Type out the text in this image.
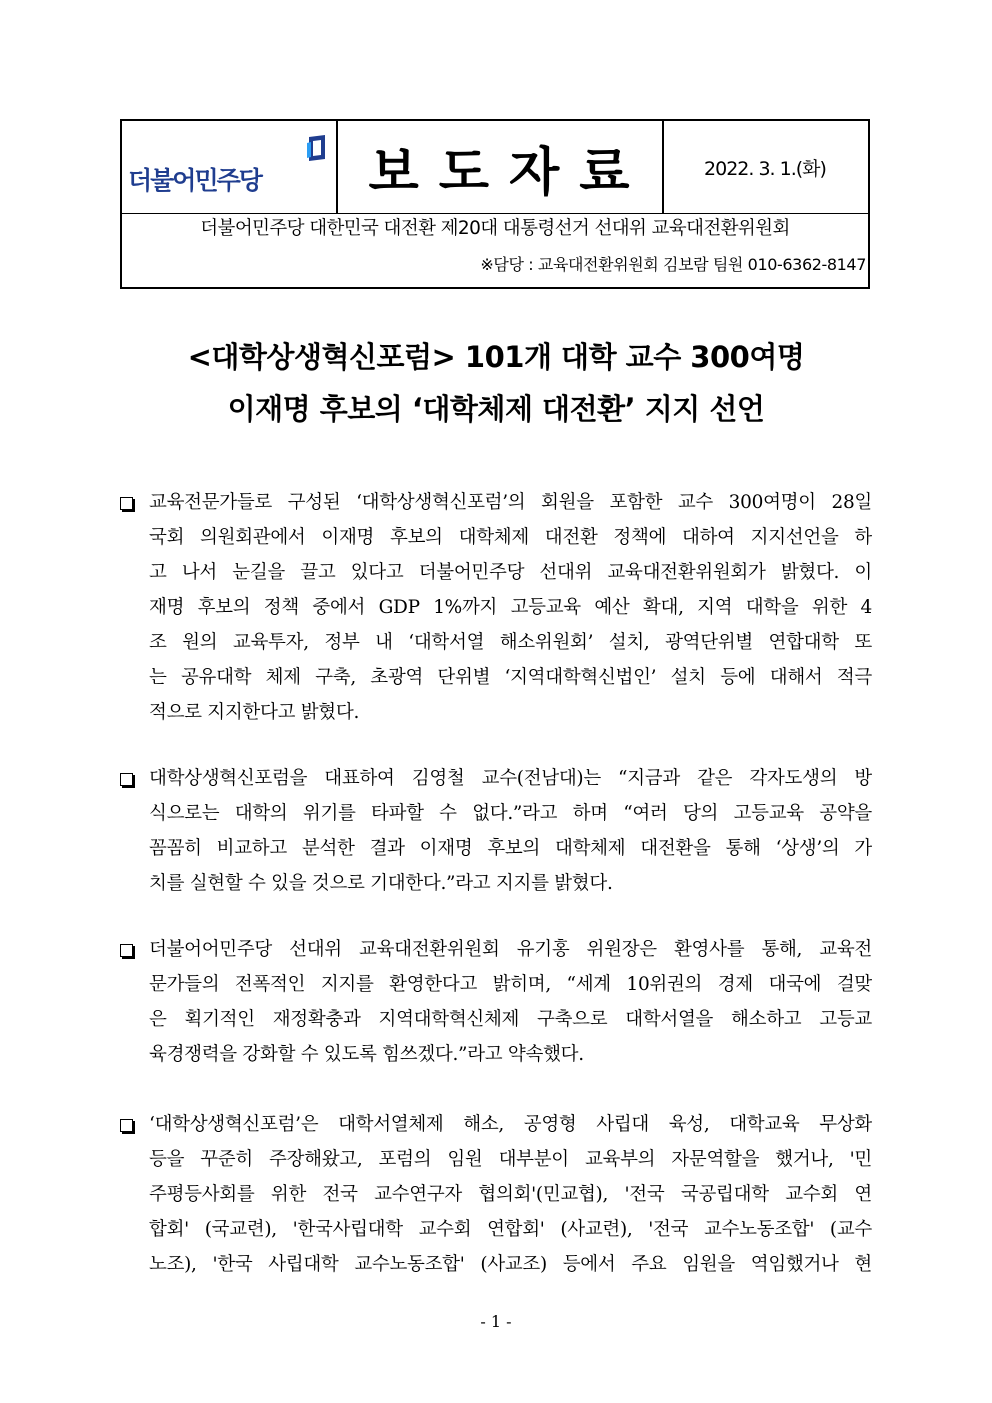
더불어민주당	보도자료	2022. 3. 1.(화)
더불어민주당 대한민국 대전환 제20대 대통령선거 선대위 교육대전환위원회
※담당 : 교육대전환위원회 김보람 팀원 010-6362-8147
<대학상생혁신포럼> 101개 대학 교수 300여명
이재명 후보의 ‘대학체제 대전환’ 지지 선언
교육전문가들로 구성된 ‘대학상생혁신포럼’의 회원을 포함한 교수 300여명이 28일
국회 의원회관에서 이재명 후보의 대학체제 대전환 정책에 대하여 지지선언을 하
고 나서 눈길을 끌고 있다고 더불어민주당 선대위 교육대전환위원회가 밝혔다. 이
재명 후보의 정책 중에서 GDP 1%까지 고등교육 예산 확대, 지역 대학을 위한 4
조 원의 교육투자, 정부 내 ‘대학서열 해소위원회’ 설치, 광역단위별 연합대학 또
는 공유대학 체제 구축, 초광역 단위별 ‘지역대학혁신법인’ 설치 등에 대해서 적극
적으로 지지한다고 밝혔다.
대학상생혁신포럼을 대표하여 김영철 교수(전남대)는 “지금과 같은 각자도생의 방
식으로는 대학의 위기를 타파할 수 없다.”라고 하며 “여러 당의 고등교육 공약을
꼼꼼히 비교하고 분석한 결과 이재명 후보의 대학체제 대전환을 통해 ‘상생’의 가
치를 실현할 수 있을 것으로 기대한다.”라고 지지를 밝혔다.
더불어어민주당 선대위 교육대전환위원회 유기홍 위원장은 환영사를 통해, 교육전
문가들의 전폭적인 지지를 환영한다고 밝히며, “세계 10위권의 경제 대국에 걸맞
은 획기적인 재정확충과 지역대학혁신체제 구축으로 대학서열을 해소하고 고등교
육경쟁력을 강화할 수 있도록 힘쓰겠다.”라고 약속했다.
‘대학상생혁신포럼’은 대학서열체제 해소, 공영형 사립대 육성, 대학교육 무상화
등을 꾸준히 주장해왔고, 포럼의 임원 대부분이 교육부의 자문역할을 했거나, '민
주평등사회를 위한 전국 교수연구자 협의회'(민교협), '전국 국공립대학 교수회 연
합회' (국교련), '한국사립대학 교수회 연합회' (사교련), '전국 교수노동조합' (교수
노조), '한국 사립대학 교수노동조합' (사교조) 등에서 주요 임원을 역임했거나 현
- 1 -
